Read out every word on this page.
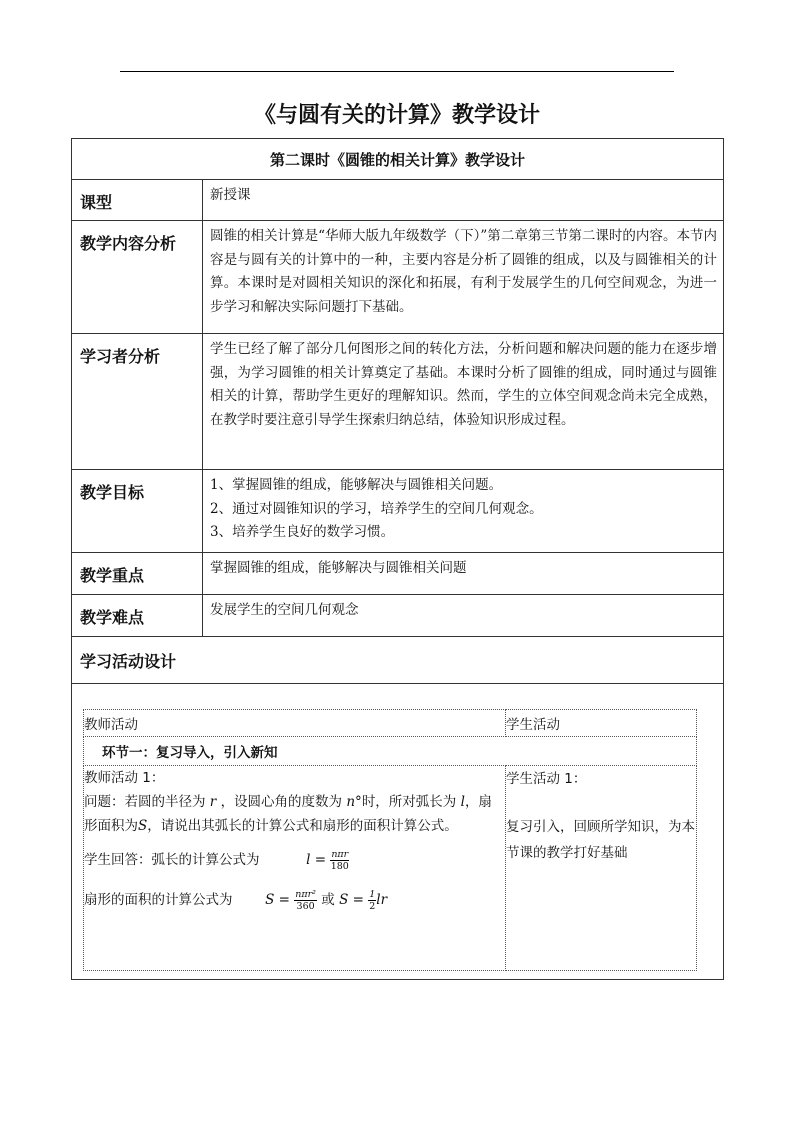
《与圆有关的计算》教学设计
第二课时《圆锥的相关计算》教学设计
课型	新授课

教学内容分析	圆锥的相关计算是“华师大版九年级数学（下）”第二章第三节第二课时的内容。本节内容是与圆有关的计算中的一种，主要内容是分析了圆锥的组成，以及与圆锥相关的计算。本课时是对圆相关知识的深化和拓展，有利于发展学生的几何空间观念，为进一步学习和解决实际问题打下基础。

学习者分析	学生已经了解了部分几何图形之间的转化方法，分析问题和解决问题的能力在逐步增强，为学习圆锥的相关计算奠定了基础。本课时分析了圆锥的组成，同时通过与圆锥相关的计算，帮助学生更好的理解知识。然而，学生的立体空间观念尚未完全成熟，在教学时要注意引导学生探索归纳总结，体验知识形成过程。

教学目标	1、掌握圆锥的组成，能够解决与圆锥相关问题。

2、通过对圆锥知识的学习，培养学生的空间几何观念。

3、培养学生良好的数学习惯。

教学重点	掌握圆锥的组成，能够解决与圆锥相关问题

教学难点	发展学生的空间几何观念

学习活动设计

教师活动	学生活动
环节一：复习导入，引入新知

教师活动 1：
问题：若圆的半径为 r ，设圆心角的度数为 n°时，所对弧长为 l，扇形面积为S，请说出其弧长的计算公式和扇形的面积计算公式。
学生回答：弧长的计算公式为	$l = \frac{\text{nπr}}{180}$
扇形的面积的计算公式为 $S = \frac{\text{nπr²}}{360}$ 或 $S = \frac{1}{2}$ lr

学生活动 1：
复习引入，回顾所学知识，为本节课的教学打好基础
